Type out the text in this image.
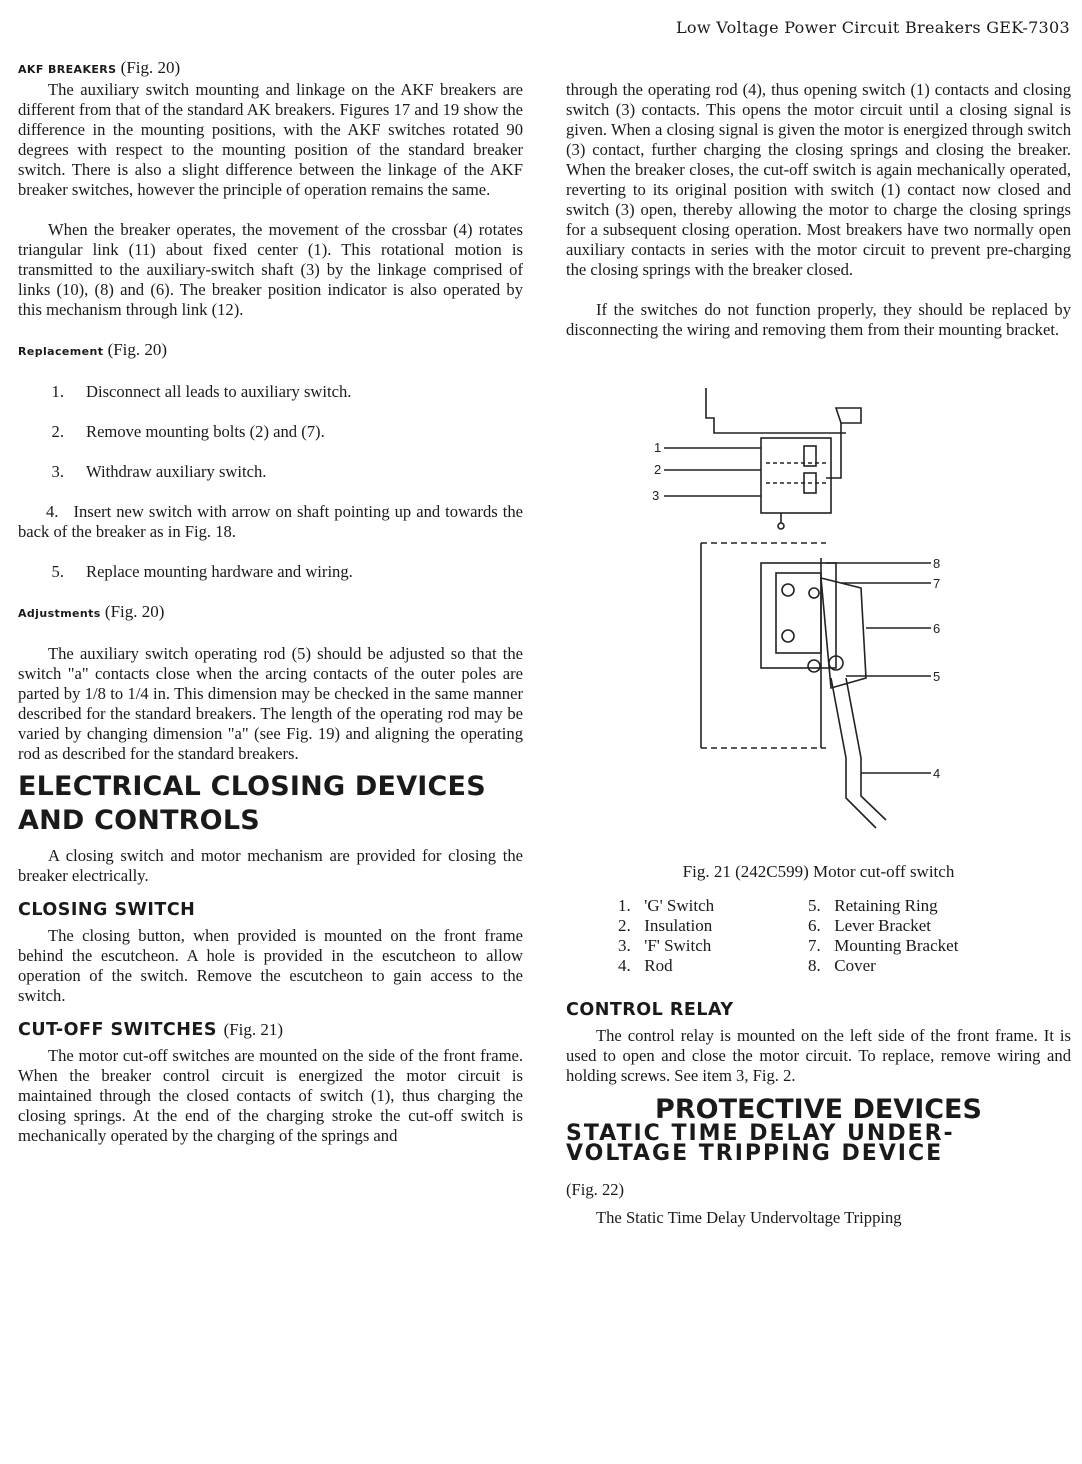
Low Voltage Power Circuit Breakers GEK-7303
AKF BREAKERS (Fig. 20)

The auxiliary switch mounting and linkage on the AKF breakers are different from that of the standard AK breakers. Figures 17 and 19 show the difference in the mounting positions, with the AKF switches rotated 90 degrees with respect to the mounting position of the standard breaker switch. There is also a slight difference between the linkage of the AKF breaker switches, however the principle of operation remains the same.

When the breaker operates, the movement of the crossbar (4) rotates triangular link (11) about fixed center (1). This rotational motion is transmitted to the auxiliary-switch shaft (3) by the linkage comprised of links (10), (8) and (6). The breaker position indicator is also operated by this mechanism through link (12).

Replacement (Fig. 20)
1. Disconnect all leads to auxiliary switch.
2. Remove mounting bolts (2) and (7).
3. Withdraw auxiliary switch.
4. Insert new switch with arrow on shaft pointing up and towards the back of the breaker as in Fig. 18.
5. Replace mounting hardware and wiring.
Adjustments (Fig. 20)

The auxiliary switch operating rod (5) should be adjusted so that the switch "a" contacts close when the arcing contacts of the outer poles are parted by 1/8 to 1/4 in. This dimension may be checked in the same manner described for the standard breakers. The length of the operating rod may be varied by changing dimension "a" (see Fig. 19) and aligning the operating rod as described for the standard breakers.

ELECTRICAL CLOSING DEVICES
AND CONTROLS

A closing switch and motor mechanism are provided for closing the breaker electrically.

CLOSING SWITCH

The closing button, when provided is mounted on the front frame behind the escutcheon. A hole is provided in the escutcheon to allow operation of the switch. Remove the escutcheon to gain access to the switch.

CUT-OFF SWITCHES (Fig. 21)

The motor cut-off switches are mounted on the side of the front frame. When the breaker control circuit is energized the motor circuit is maintained through the closed contacts of switch (1), thus charging the closing springs. At the end of the charging stroke the cut-off switch is mechanically operated by the charging of the springs and

through the operating rod (4), thus opening switch (1) contacts and closing switch (3) contacts. This opens the motor circuit until a closing signal is given. When a closing signal is given the motor is energized through switch (3) contact, further charging the closing springs and closing the breaker. When the breaker closes, the cut-off switch is again mechanically operated, reverting to its original position with switch (1) contact now closed and switch (3) open, thereby allowing the motor to charge the closing springs for a subsequent closing operation. Most breakers have two normally open auxiliary contacts in series with the motor circuit to prevent pre-charging the closing springs with the breaker closed.

If the switches do not function properly, they should be replaced by disconnecting the wiring and removing them from their mounting bracket.

1
2
3
8
7
6
5
4
Fig. 21 (242C599) Motor cut-off switch
1. 'G' Switch	5. Retaining Ring
2. Insulation	6. Lever Bracket
3. 'F' Switch	7. Mounting Bracket
4. Rod	8. Cover
CONTROL RELAY

The control relay is mounted on the left side of the front frame. It is used to open and close the motor circuit. To replace, remove wiring and holding screws. See item 3, Fig. 2.

PROTECTIVE DEVICES
STATIC TIME DELAY UNDER-
VOLTAGE TRIPPING DEVICE
(Fig. 22)

The Static Time Delay Undervoltage Tripping
